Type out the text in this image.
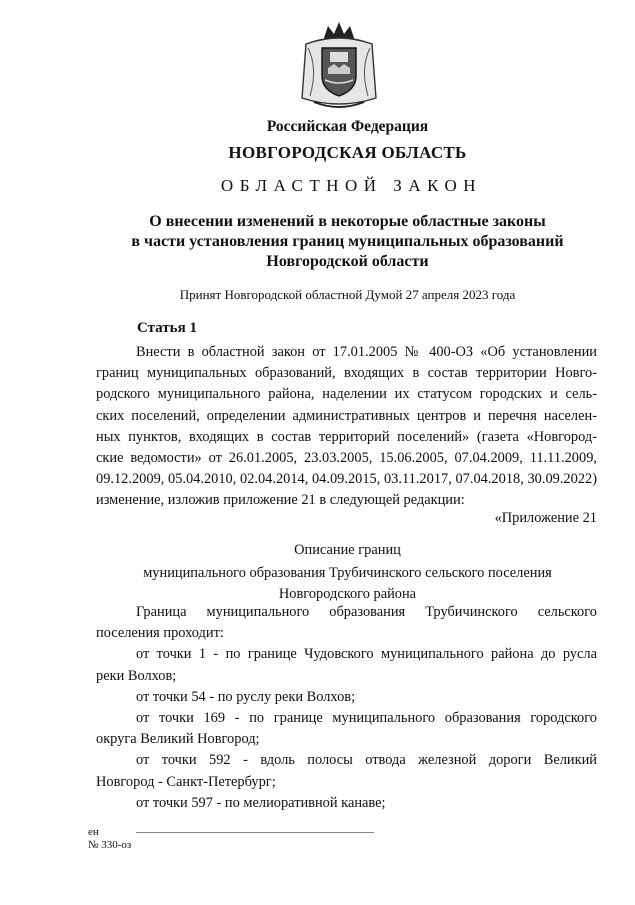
Российская Федерация
НОВГОРОДСКАЯ ОБЛАСТЬ
ОБЛАСТНОЙ ЗАКОН
О внесении изменений в некоторые областные законы
в части установления границ муниципальных образований
Новгородской области
Принят Новгородской областной Думой 27 апреля 2023 года
Статья 1
Внести в областной закон от 17.01.2005 № 400-ОЗ «Об установлении
границ муниципальных образований, входящих в состав территории Новго-
родского муниципального района, наделении их статусом городских и сель-
ских поселений, определении административных центров и перечня населен-
ных пунктов, входящих в состав территорий поселений» (газета «Новгород-
ские ведомости» от 26.01.2005, 23.03.2005, 15.06.2005, 07.04.2009, 11.11.2009,
09.12.2009, 05.04.2010, 02.04.2014, 04.09.2015, 03.11.2017, 07.04.2018, 30.09.2022)
изменение, изложив приложение 21 в следующей редакции:
«Приложение 21
Описание границ
муниципального образования Трубичинского сельского поселения
Новгородского района
Граница муниципального образования Трубичинского сельского
поселения проходит:
от точки 1 - по границе Чудовского муниципального района до русла
реки Волхов;
от точки 54 - по руслу реки Волхов;
от точки 169 - по границе муниципального образования городского
округа Великий Новгород;
от точки 592 - вдоль полосы отвода железной дороги Великий
Новгород - Санкт-Петербург;
от точки 597 - по мелиоративной канаве;
ен
№ 330-оз
